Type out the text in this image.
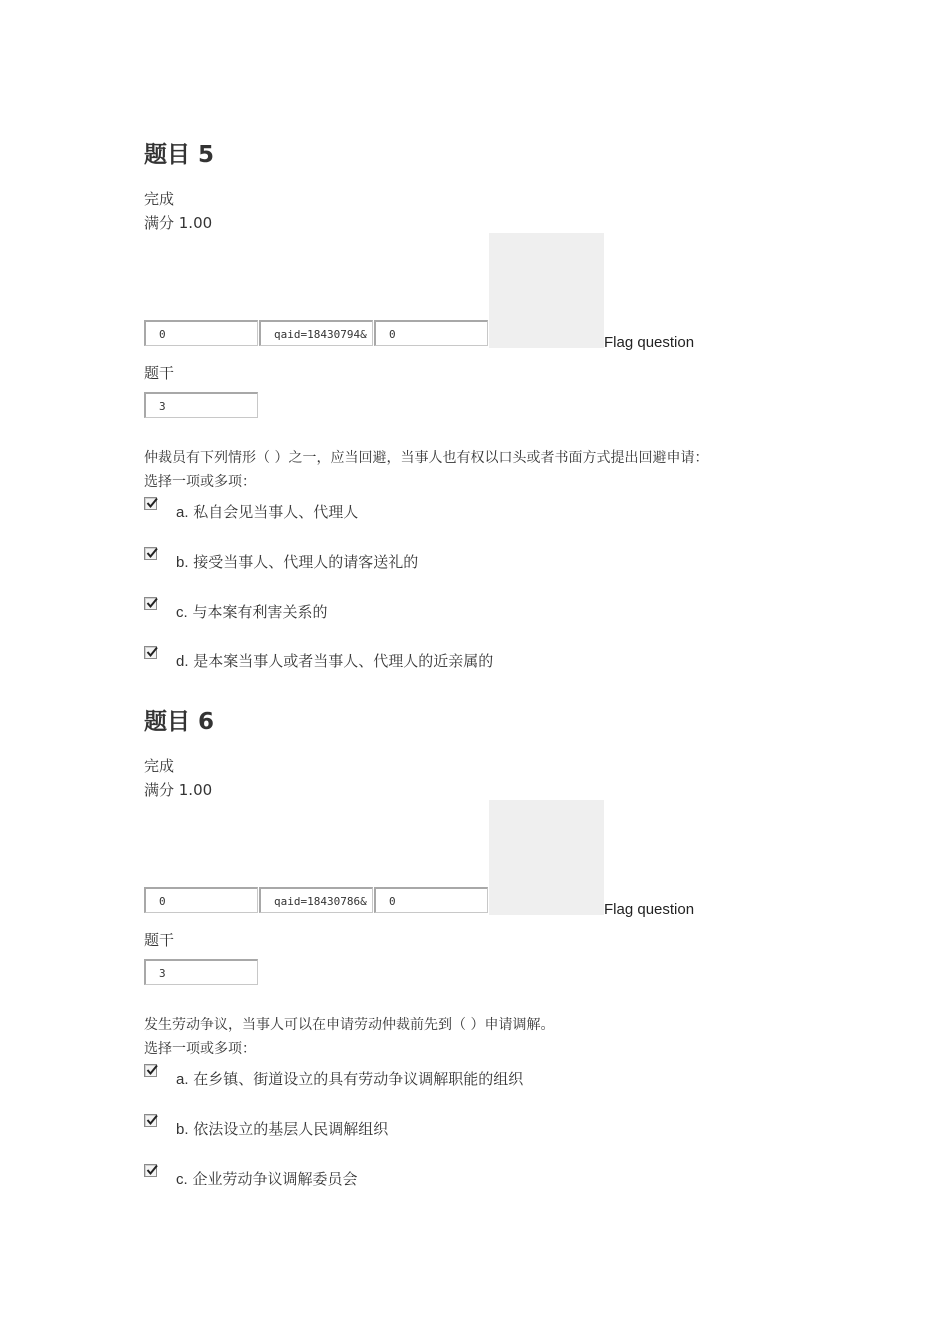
题目 5
完成
满分 1.00
0	qaid=18430794&	0	Flag question
题干
3
仲裁员有下列情形（ ）之一，应当回避，当事人也有权以口头或者书面方式提出回避申请：
选择一项或多项：
a. 私自会见当事人、代理人
b. 接受当事人、代理人的请客送礼的
c. 与本案有利害关系的
d. 是本案当事人或者当事人、代理人的近亲属的
题目 6
完成
满分 1.00
0	qaid=18430786&	0	Flag question
题干
3
发生劳动争议，当事人可以在申请劳动仲裁前先到（ ）申请调解。
选择一项或多项：
a. 在乡镇、街道设立的具有劳动争议调解职能的组织
b. 依法设立的基层人民调解组织
c. 企业劳动争议调解委员会
